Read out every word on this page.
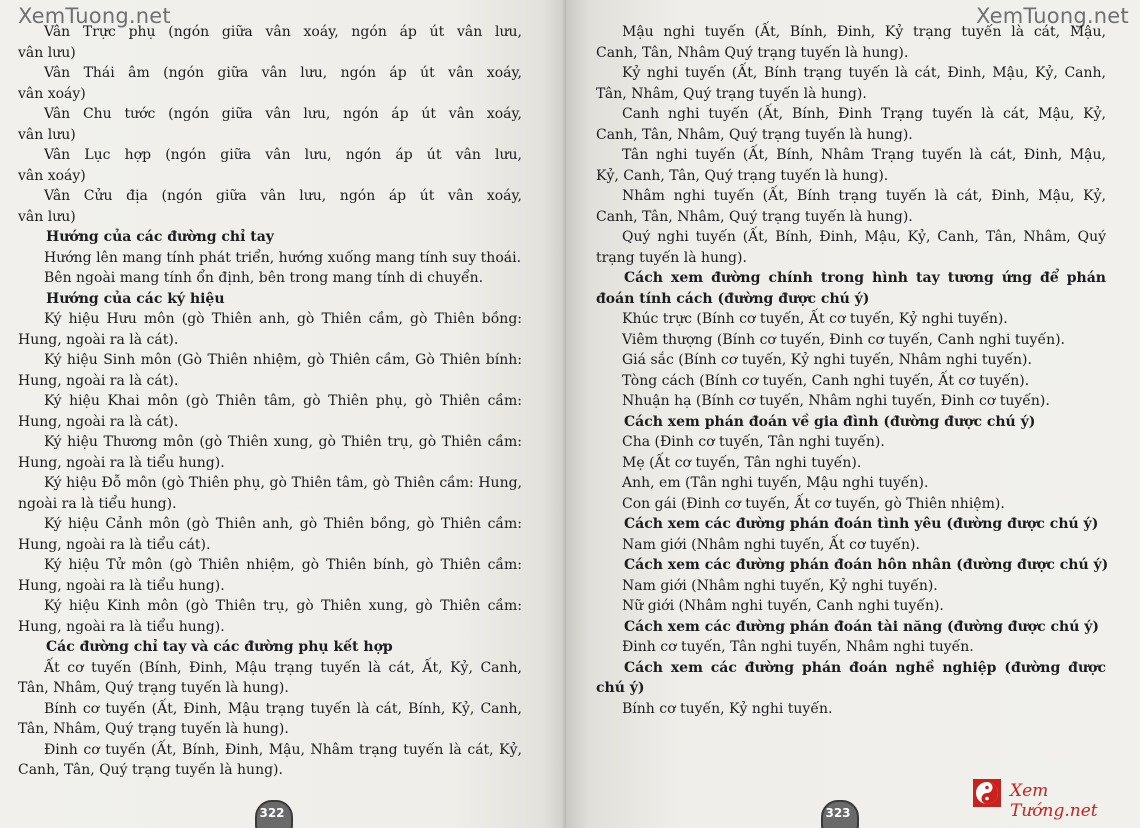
XemTuong.net
Vân Trực phụ (ngón giữa vân xoáy, ngón áp út vân lưu,
vân lưu)
Vân Thái âm (ngón giữa vân lưu, ngón áp út vân xoáy,
vân xoáy)
Vân Chu tước (ngón giữa vân lưu, ngón áp út vân xoáy,
vân lưu)
Vân Lục hợp (ngón giữa vân lưu, ngón áp út vân lưu,
vân xoáy)
Vân Cửu địa (ngón giữa vân lưu, ngón áp út vân xoáy,
vân lưu)
Hướng của các đường chỉ tay
Hướng lên mang tính phát triển, hướng xuống mang tính suy thoái.
Bên ngoài mang tính ổn định, bên trong mang tính di chuyển.
Hướng của các ký hiệu
Ký hiệu Hưu môn (gò Thiên anh, gò Thiên cầm, gò Thiên bồng:
Hung, ngoài ra là cát).
Ký hiệu Sinh môn (Gò Thiên nhiệm, gò Thiên cầm, Gò Thiên bính:
Hung, ngoài ra là cát).
Ký hiệu Khai môn (gò Thiên tâm, gò Thiên phụ, gò Thiên cầm:
Hung, ngoài ra là cát).
Ký hiệu Thương môn (gò Thiên xung, gò Thiên trụ, gò Thiên cầm:
Hung, ngoài ra là tiểu hung).
Ký hiệu Đỗ môn (gò Thiên phụ, gò Thiên tâm, gò Thiên cầm: Hung,
ngoài ra là tiểu hung).
Ký hiệu Cảnh môn (gò Thiên anh, gò Thiên bồng, gò Thiên cầm:
Hung, ngoài ra là tiểu cát).
Ký hiệu Tử môn (gò Thiên nhiệm, gò Thiên bính, gò Thiên cầm:
Hung, ngoài ra là tiểu hung).
Ký hiệu Kinh môn (gò Thiên trụ, gò Thiên xung, gò Thiên cầm:
Hung, ngoài ra là tiểu hung).
Các đường chỉ tay và các đường phụ kết hợp
Ất cơ tuyến (Bính, Đinh, Mậu trạng tuyến là cát, Ất, Kỷ, Canh,
Tân, Nhâm, Quý trạng tuyến là hung).
Bính cơ tuyến (Ất, Đinh, Mậu trạng tuyến là cát, Bính, Kỷ, Canh,
Tân, Nhâm, Quý trạng tuyến là hung).
Đinh cơ tuyến (Ất, Bính, Đinh, Mậu, Nhâm trạng tuyến là cát, Kỷ,
Canh, Tân, Quý trạng tuyến là hung).
322
XemTuong.net
Mậu nghi tuyến (Ất, Bính, Đinh, Kỷ trạng tuyến là cát, Mậu,
Canh, Tân, Nhâm Quý trạng tuyến là hung).
Kỷ nghi tuyến (Ất, Bính trạng tuyến là cát, Đinh, Mậu, Kỷ, Canh,
Tân, Nhâm, Quý trạng tuyến là hung).
Canh nghi tuyến (Ất, Bính, Đinh Trạng tuyến là cát, Mậu, Kỷ,
Canh, Tân, Nhâm, Quý trạng tuyến là hung).
Tân nghi tuyến (Ất, Bính, Nhâm Trạng tuyến là cát, Đinh, Mậu,
Kỷ, Canh, Tân, Quý trạng tuyến là hung).
Nhâm nghi tuyến (Ất, Bính trạng tuyến là cát, Đinh, Mậu, Kỷ,
Canh, Tân, Nhâm, Quý trạng tuyến là hung).
Quý nghi tuyến (Ất, Bính, Đinh, Mậu, Kỷ, Canh, Tân, Nhâm, Quý
trạng tuyến là hung).
Cách xem đường chính trong hình tay tương ứng để phán
đoán tính cách (đường được chú ý)
Khúc trực (Bính cơ tuyến, Ất cơ tuyến, Kỷ nghi tuyến).
Viêm thượng (Bính cơ tuyến, Đinh cơ tuyến, Canh nghi tuyến).
Giá sắc (Bính cơ tuyến, Kỷ nghi tuyến, Nhâm nghi tuyến).
Tòng cách (Bính cơ tuyến, Canh nghi tuyến, Ất cơ tuyến).
Nhuận hạ (Bính cơ tuyến, Nhâm nghi tuyến, Đinh cơ tuyến).
Cách xem phán đoán về gia đình (đường được chú ý)
Cha (Đinh cơ tuyến, Tân nghi tuyến).
Mẹ (Ất cơ tuyến, Tân nghi tuyến).
Anh, em (Tân nghi tuyến, Mậu nghi tuyến).
Con gái (Đinh cơ tuyến, Ất cơ tuyến, gò Thiên nhiệm).
Cách xem các đường phán đoán tình yêu (đường được chú ý)
Nam giới (Nhâm nghi tuyến, Ất cơ tuyến).
Cách xem các đường phán đoán hôn nhân (đường được chú ý)
Nam giới (Nhâm nghi tuyến, Kỷ nghi tuyến).
Nữ giới (Nhâm nghi tuyến, Canh nghi tuyến).
Cách xem các đường phán đoán tài năng (đường được chú ý)
Đinh cơ tuyến, Tân nghi tuyến, Nhâm nghi tuyến.
Cách xem các đường phán đoán nghề nghiệp (đường được
chú ý)
Bính cơ tuyến, Kỷ nghi tuyến.
323
Xem Tướng.net
